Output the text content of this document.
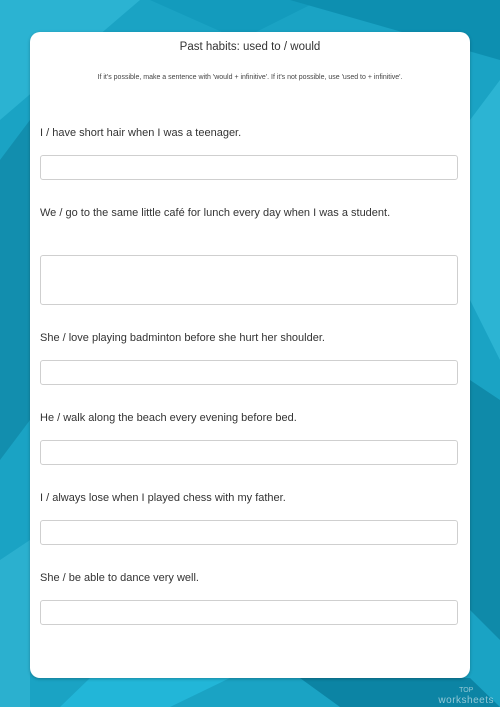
Past habits: used to / would
If it's possible, make a sentence with 'would + infinitive'. If it's not possible, use 'used to + infinitive'.
I / have short hair when I was a teenager.
We / go to the same little café for lunch every day when I was a student.
She / love playing badminton before she hurt her shoulder.
He / walk along the beach every evening before bed.
I / always lose when I played chess with my father.
She / be able to dance very well.
TOP
worksheets
